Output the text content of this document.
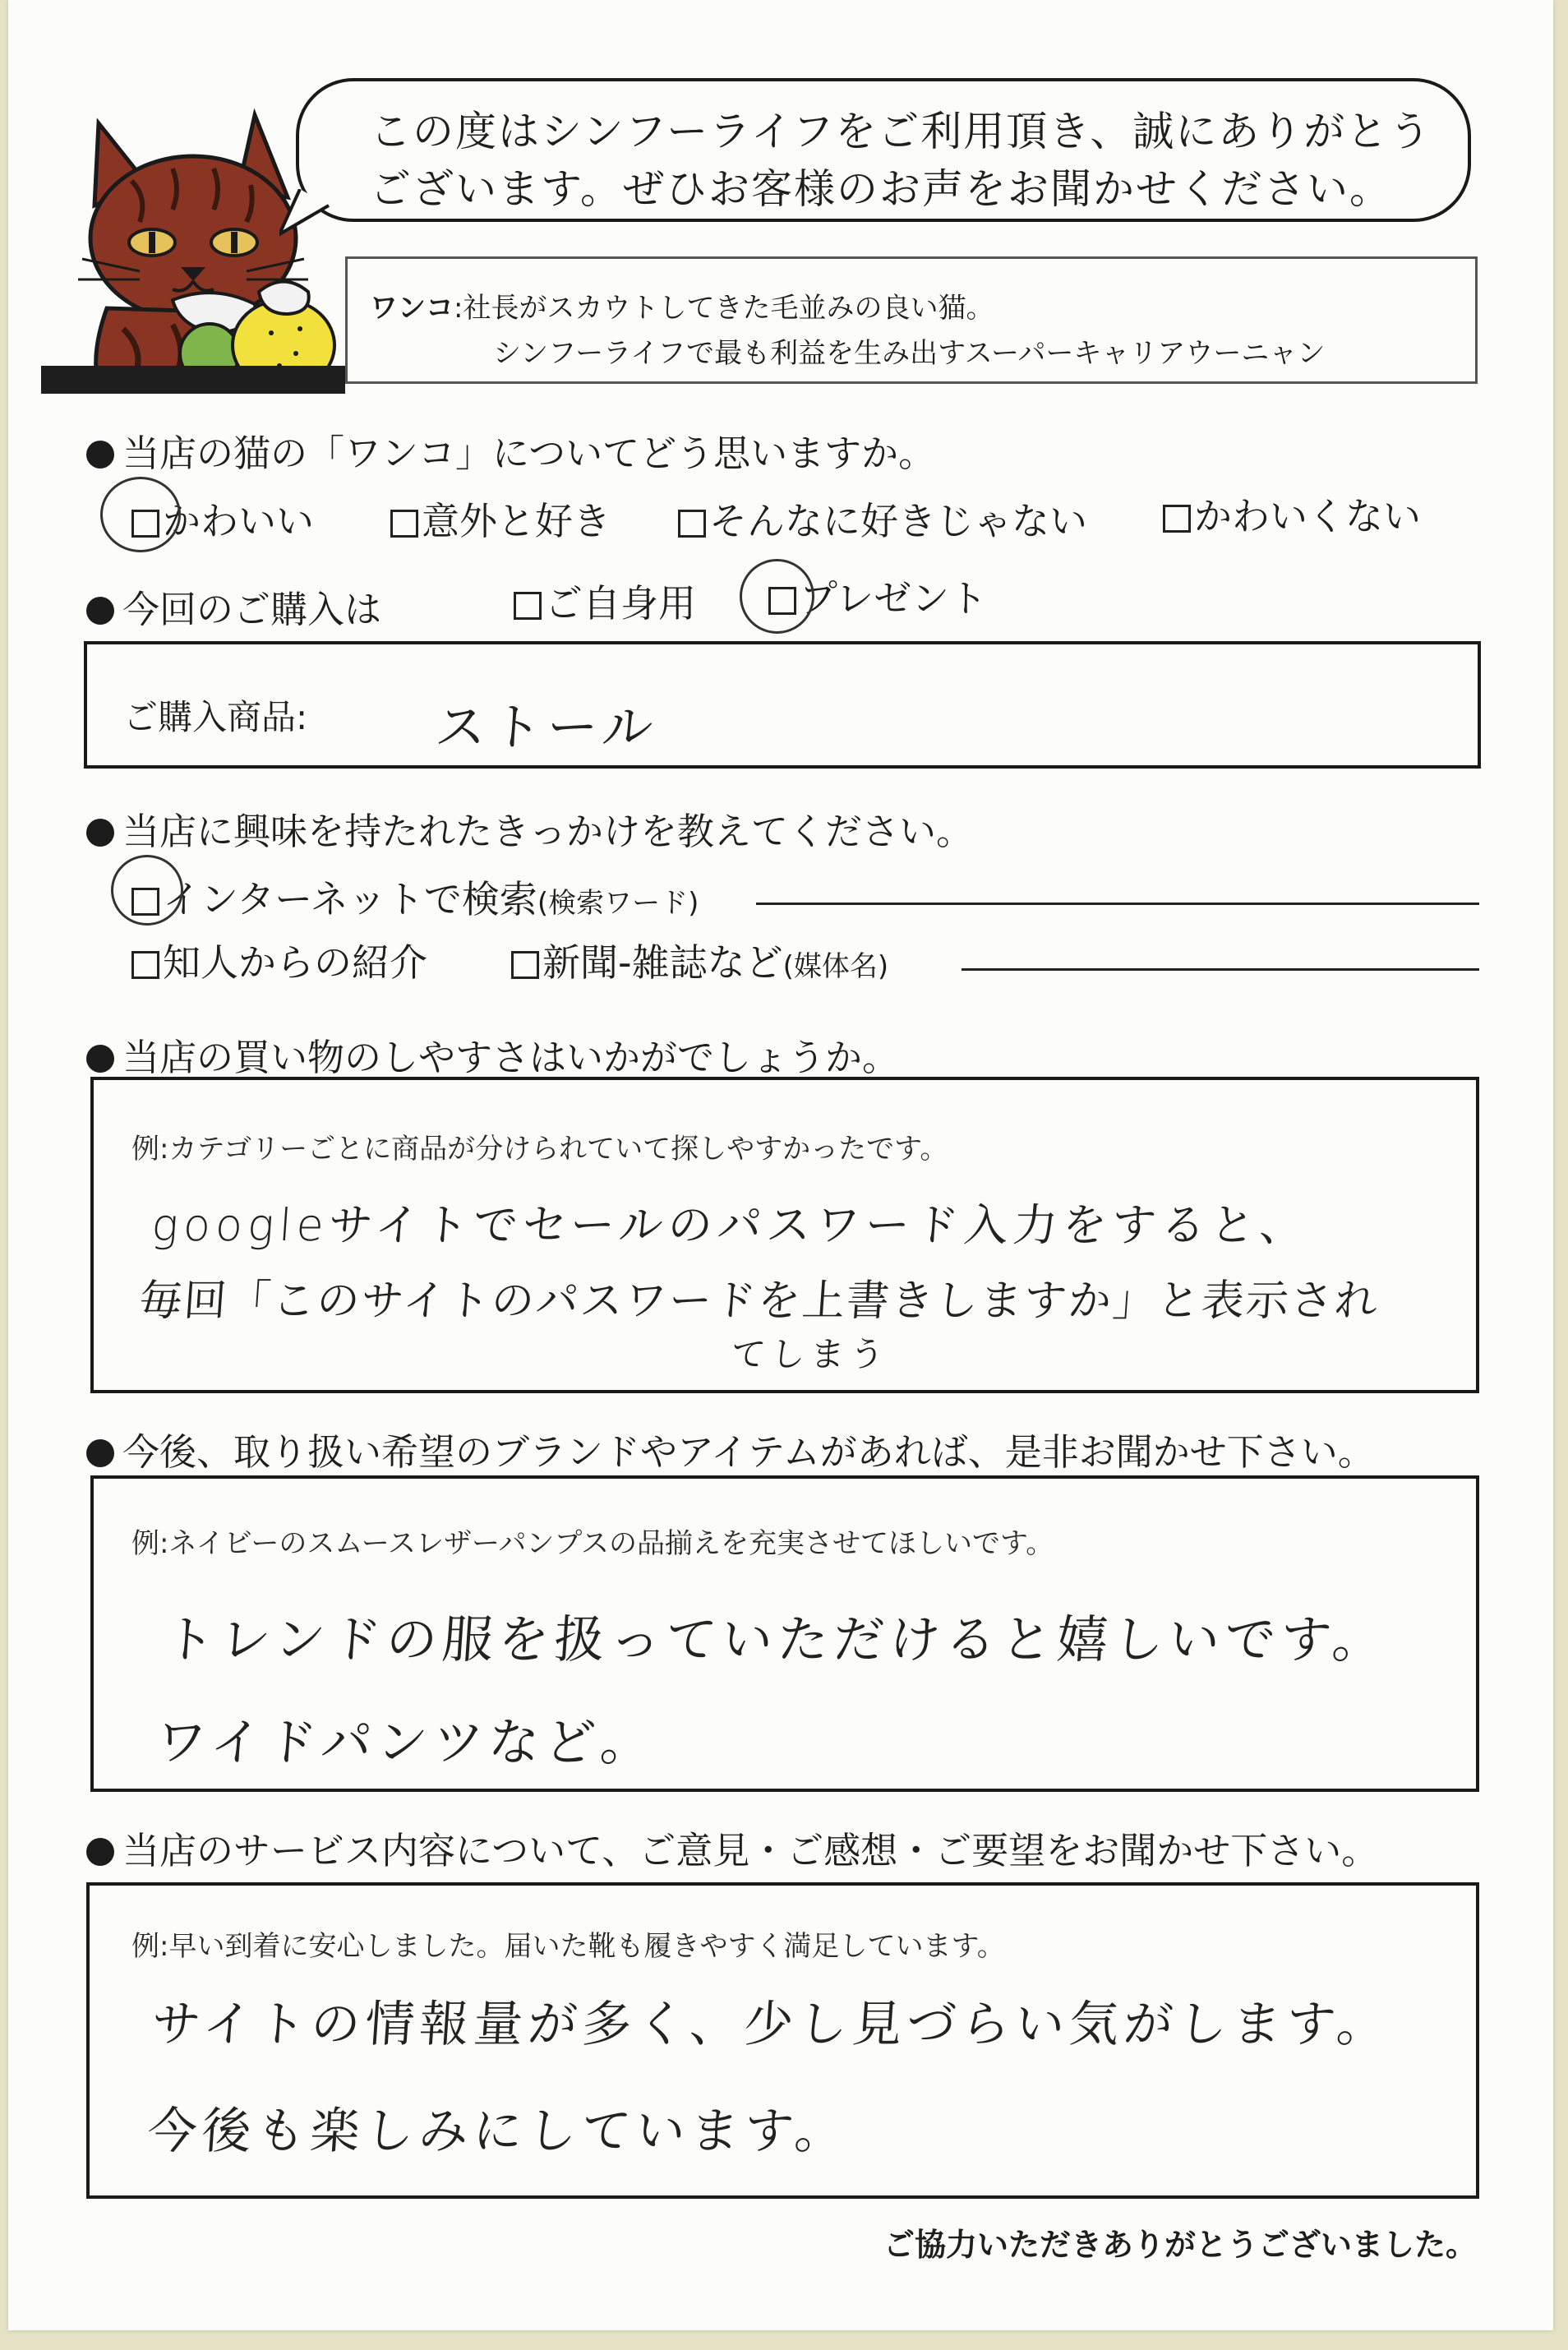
この度はシンフーライフをご利用頂き、誠にありがとう
ございます。ぜひお客様のお声をお聞かせください。
ワンコ:社長がスカウトしてきた毛並みの良い猫。
シンフーライフで最も利益を生み出すスーパーキャリアウーニャン
当店の猫の「ワンコ」についてどう思いますか。
かわいい	意外と好き	そんなに好きじゃない	かわいくない
今回のご購入は	ご自身用	プレゼント
ご購入商品: ストール
当店に興味を持たれたきっかけを教えてください。
インターネットで検索(検索ワード)
知人からの紹介	新聞-雑誌など(媒体名)
当店の買い物のしやすさはいかがでしょうか。
例:カテゴリーごとに商品が分けられていて探しやすかったです。
googleサイトでセールのパスワード入力をすると、
毎回「このサイトのパスワードを上書きしますか」と表示され
てしまう
今後、取り扱い希望のブランドやアイテムがあれば、是非お聞かせ下さい。
例:ネイビーのスムースレザーパンプスの品揃えを充実させてほしいです。
トレンドの服を扱っていただけると嬉しいです。
ワイドパンツなど。
当店のサービス内容について、ご意見・ご感想・ご要望をお聞かせ下さい。
例:早い到着に安心しました。届いた靴も履きやすく満足しています。
サイトの情報量が多く、少し見づらい気がします。
今後も楽しみにしています。
ご協力いただきありがとうございました。
